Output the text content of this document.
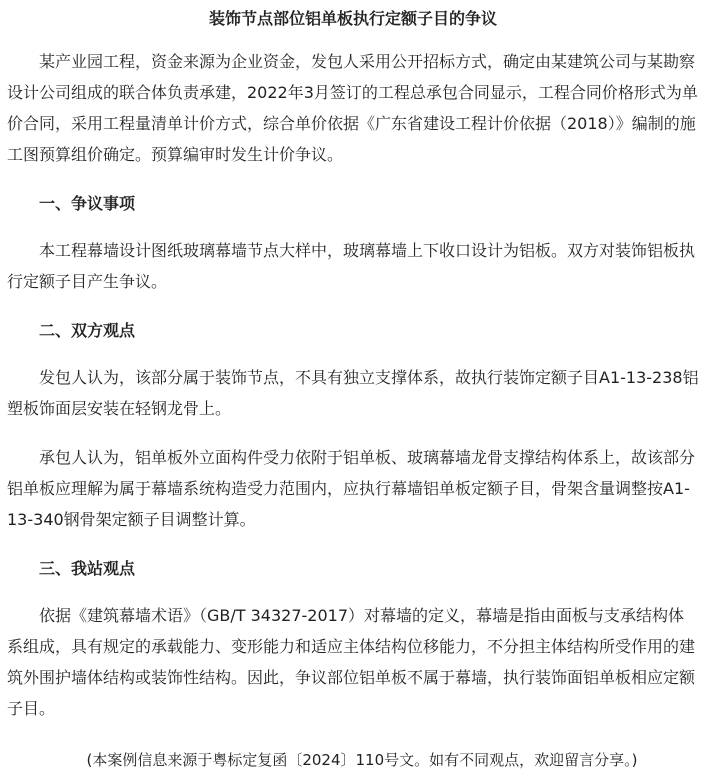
装饰节点部位铝单板执行定额子目的争议

某产业园工程，资金来源为企业资金，发包人采用公开招标方式，确定由某建筑公司与某勘察设计公司组成的联合体负责承建，2022年3月签订的工程总承包合同显示，工程合同价格形式为单价合同，采用工程量清单计价方式，综合单价依据《广东省建设工程计价依据（2018）》编制的施工图预算组价确定。预算编审时发生计价争议。

一、争议事项

本工程幕墙设计图纸玻璃幕墙节点大样中，玻璃幕墙上下收口设计为铝板。双方对装饰铝板执行定额子目产生争议。

二、双方观点

发包人认为，该部分属于装饰节点，不具有独立支撑体系，故执行装饰定额子目A1-13-238铝塑板饰面层安装在轻钢龙骨上。

承包人认为，铝单板外立面构件受力依附于铝单板、玻璃幕墙龙骨支撑结构体系上，故该部分铝单板应理解为属于幕墙系统构造受力范围内，应执行幕墙铝单板定额子目，骨架含量调整按A1-13-340钢骨架定额子目调整计算。

三、我站观点

依据《建筑幕墙术语》（GB/T 34327-2017）对幕墙的定义，幕墙是指由面板与支承结构体系组成，具有规定的承载能力、变形能力和适应主体结构位移能力，不分担主体结构所受作用的建筑外围护墙体结构或装饰性结构。因此，争议部位铝单板不属于幕墙，执行装饰面铝单板相应定额子目。

(本案例信息来源于粤标定复函〔2024〕110号文。如有不同观点，欢迎留言分享。)
